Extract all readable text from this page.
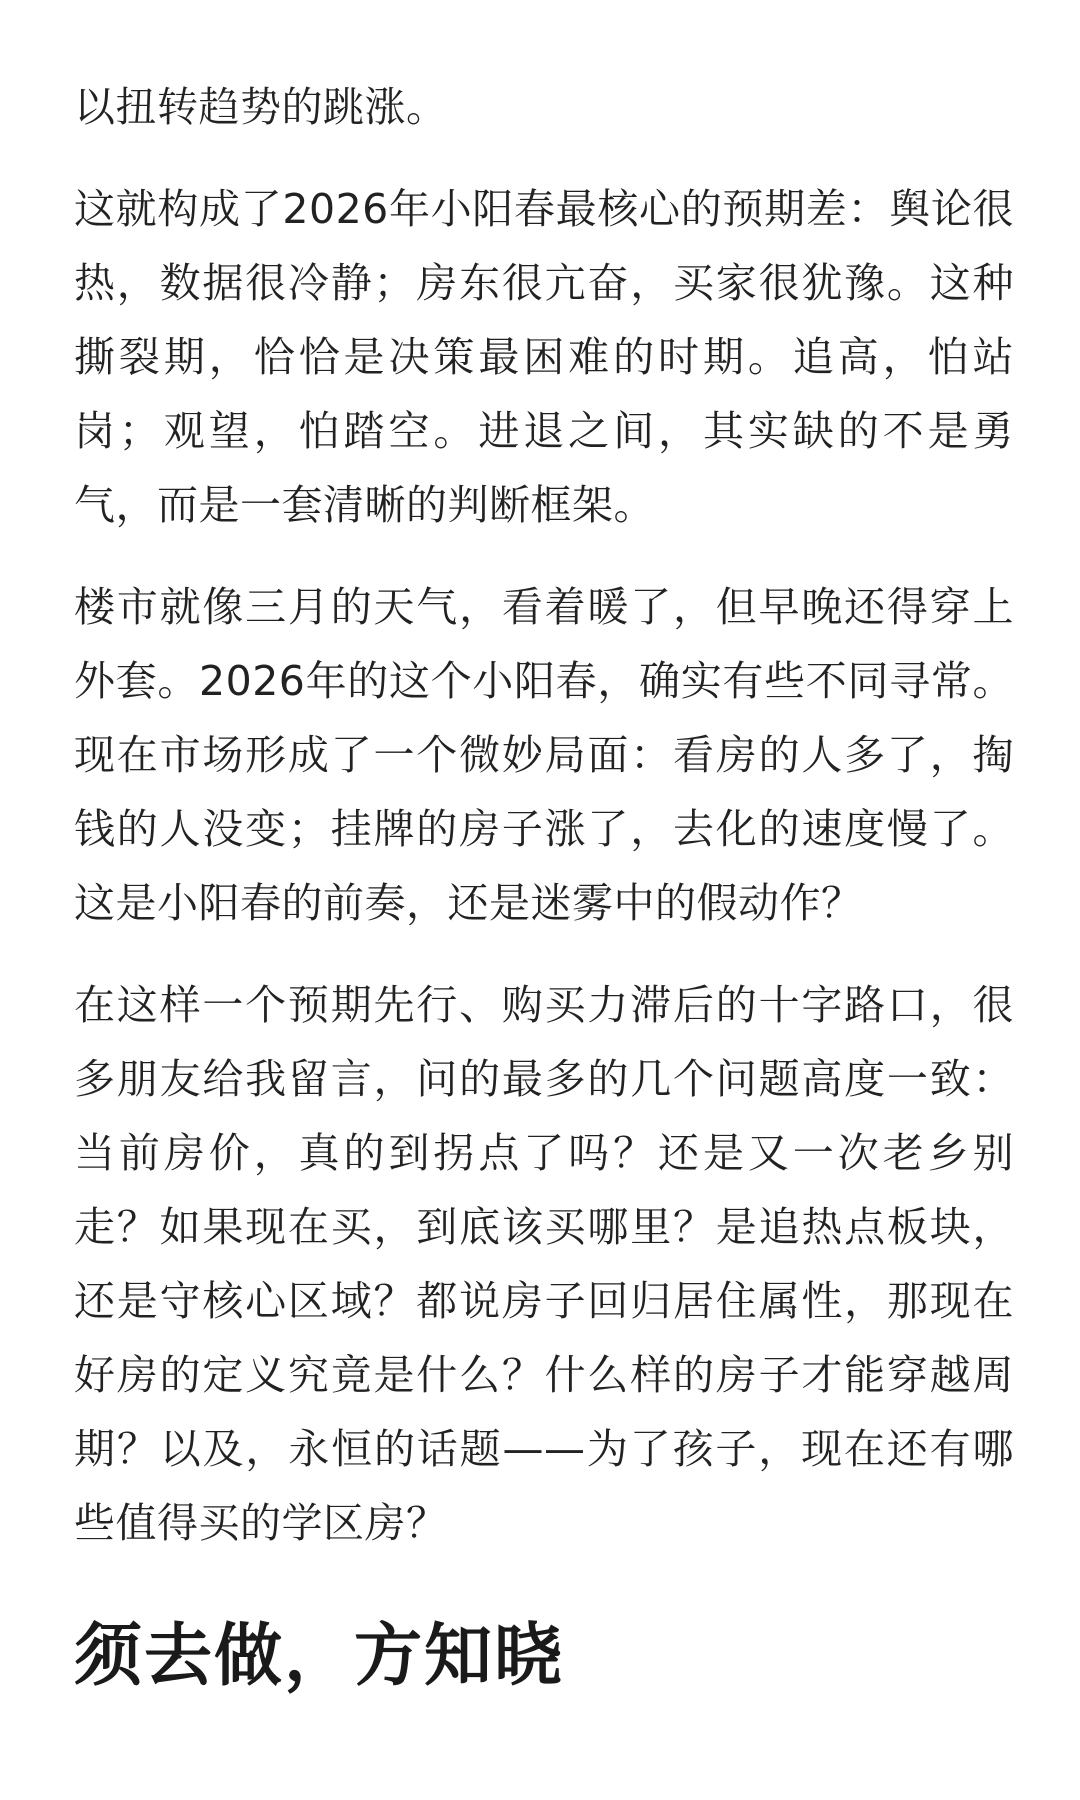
以扭转趋势的跳涨。

这就构成了2026年小阳春最核心的预期差：舆论很热，数据很冷静；房东很亢奋，买家很犹豫。这种撕裂期，恰恰是决策最困难的时期。追高，怕站岗；观望，怕踏空。进退之间，其实缺的不是勇气，而是一套清晰的判断框架。

楼市就像三月的天气，看着暖了，但早晚还得穿上外套。2026年的这个小阳春，确实有些不同寻常。现在市场形成了一个微妙局面：看房的人多了，掏钱的人没变；挂牌的房子涨了，去化的速度慢了。这是小阳春的前奏，还是迷雾中的假动作？

在这样一个预期先行、购买力滞后的十字路口，很多朋友给我留言，问的最多的几个问题高度一致：当前房价，真的到拐点了吗？还是又一次老乡别走？如果现在买，到底该买哪里？是追热点板块，还是守核心区域？都说房子回归居住属性，那现在好房的定义究竟是什么？什么样的房子才能穿越周期？以及，永恒的话题——为了孩子，现在还有哪些值得买的学区房？

须去做，方知晓
